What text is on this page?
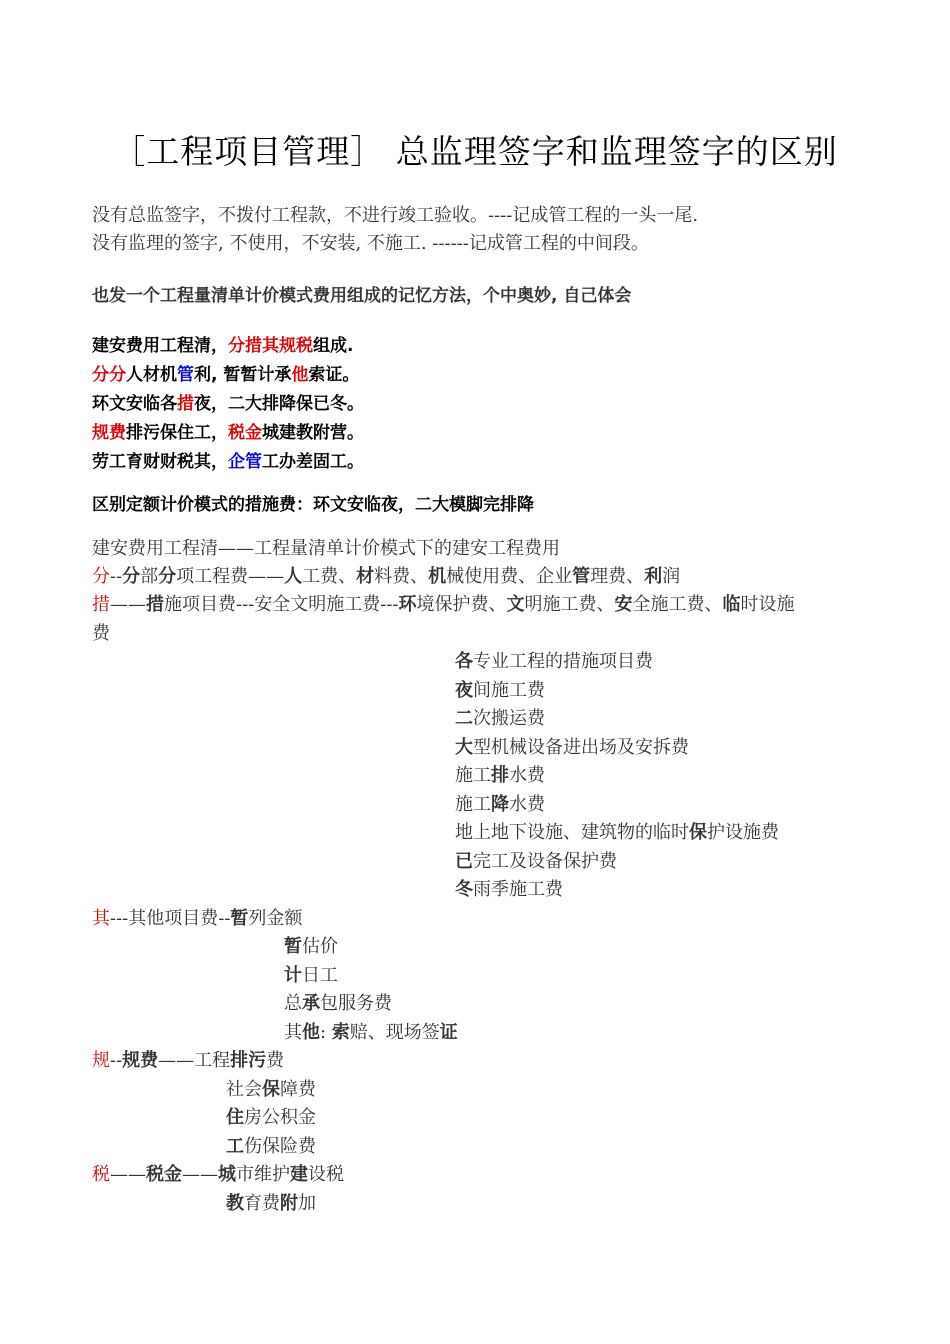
［工程项目管理］ 总监理签字和监理签字的区别
没有总监签字，不拨付工程款，不进行竣工验收。----记成管工程的一头一尾.
没有监理的签字, 不使用，不安装, 不施工. ------记成管工程的中间段。
也发一个工程量清单计价模式费用组成的记忆方法，个中奥妙, 自己体会
建安费用工程清，分措其规税组成.
分分人材机管利, 暂暂计承他索证。
环文安临各措夜，二大排降保已冬。
规费排污保住工，税金城建教附营。
劳工育财财税其，企管工办差固工。
区别定额计价模式的措施费：环文安临夜，二大模脚完排降
建安费用工程清——工程量清单计价模式下的建安工程费用
分--分部分项工程费——人工费、材料费、机械使用费、企业管理费、利润
措——措施项目费---安全文明施工费---环境保护费、文明施工费、安全施工费、临时设施
费
各专业工程的措施项目费
夜间施工费
二次搬运费
大型机械设备进出场及安拆费
施工排水费
施工降水费
地上地下设施、建筑物的临时保护设施费
已完工及设备保护费
冬雨季施工费
其---其他项目费--暂列金额
暂估价
计日工
总承包服务费
其他: 索赔、现场签证
规--规费——工程排污费
社会保障费
住房公积金
工伤保险费
税——税金——城市维护建设税
教育费附加
